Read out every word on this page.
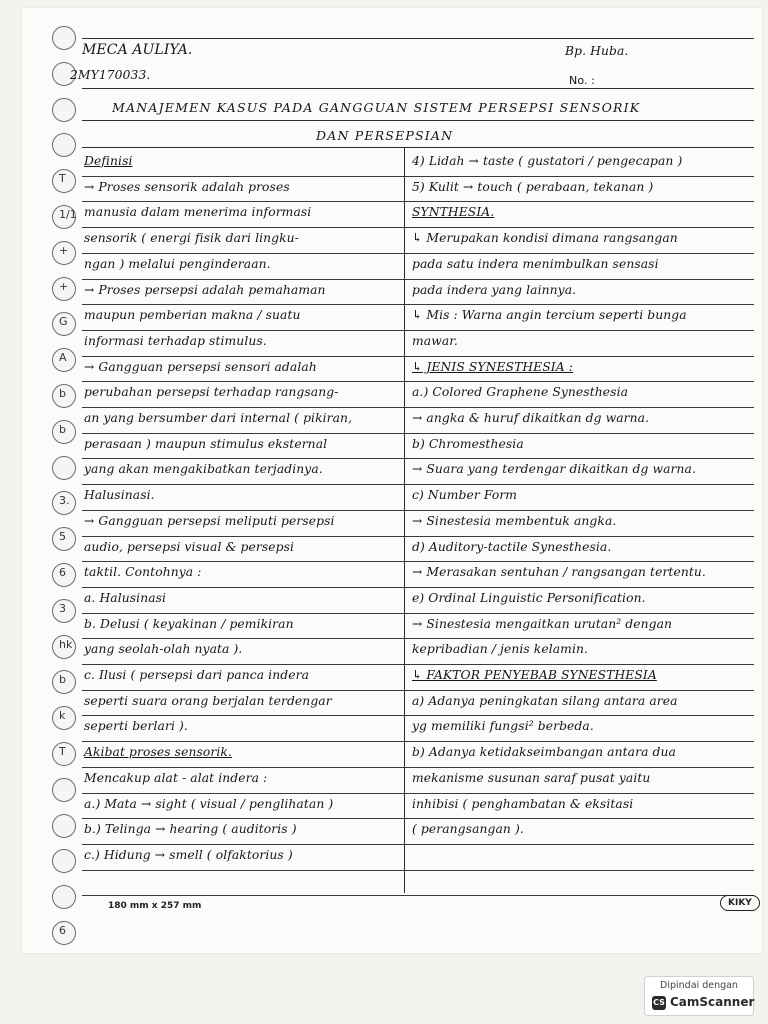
T
1/1
+
+
G
A
b
b
3.
5
6
3
hk
b
k
T
6
MECA AULIYA.
2MY170033.
Bp. Huba.
No. :
MANAJEMEN KASUS PADA GANGGUAN SISTEM PERSEPSI SENSORIK
DAN PERSEPSIAN
Definisi
→ Proses sensorik adalah proses
manusia dalam menerima informasi
sensorik ( energi fisik dari lingku-
ngan ) melalui penginderaan.
→ Proses persepsi adalah pemahaman
maupun pemberian makna / suatu
informasi terhadap stimulus.
→ Gangguan persepsi sensori adalah
perubahan persepsi terhadap rangsang-
an yang bersumber dari internal ( pikiran,
perasaan ) maupun stimulus eksternal
yang akan mengakibatkan terjadinya.
Halusinasi.
→ Gangguan persepsi meliputi persepsi
audio, persepsi visual & persepsi
taktil. Contohnya :
a. Halusinasi
b. Delusi ( keyakinan / pemikiran
yang seolah-olah nyata ).
c. Ilusi ( persepsi dari panca indera
seperti suara orang berjalan terdengar
seperti berlari ).
Akibat proses sensorik.
Mencakup alat - alat indera :
a.) Mata → sight ( visual / penglihatan )
b.) Telinga → hearing ( auditoris )
c.) Hidung → smell ( olfaktorius )
4) Lidah → taste ( gustatori / pengecapan )
5) Kulit → touch ( perabaan, tekanan )
SYNTHESIA.
↳ Merupakan kondisi dimana rangsangan
pada satu indera menimbulkan sensasi
pada indera yang lainnya.
↳ Mis : Warna angin tercium seperti bunga
mawar.
↳ JENIS SYNESTHESIA :
a.) Colored Graphene Synesthesia
→ angka & huruf dikaitkan dg warna.
b) Chromesthesia
→ Suara yang terdengar dikaitkan dg warna.
c) Number Form
→ Sinestesia membentuk angka.
d) Auditory-tactile Synesthesia.
→ Merasakan sentuhan / rangsangan tertentu.
e) Ordinal Linguistic Personification.
→ Sinestesia mengaitkan urutan² dengan
kepribadian / jenis kelamin.
↳ FAKTOR PENYEBAB SYNESTHESIA
a) Adanya peningkatan silang antara area
yg memiliki fungsi² berbeda.
b) Adanya ketidakseimbangan antara dua
mekanisme susunan saraf pusat yaitu
inhibisi ( penghambatan & eksitasi
( perangsangan ).
180 mm x 257 mm	KIKY
Dipindai dengan
CS CamScanner
